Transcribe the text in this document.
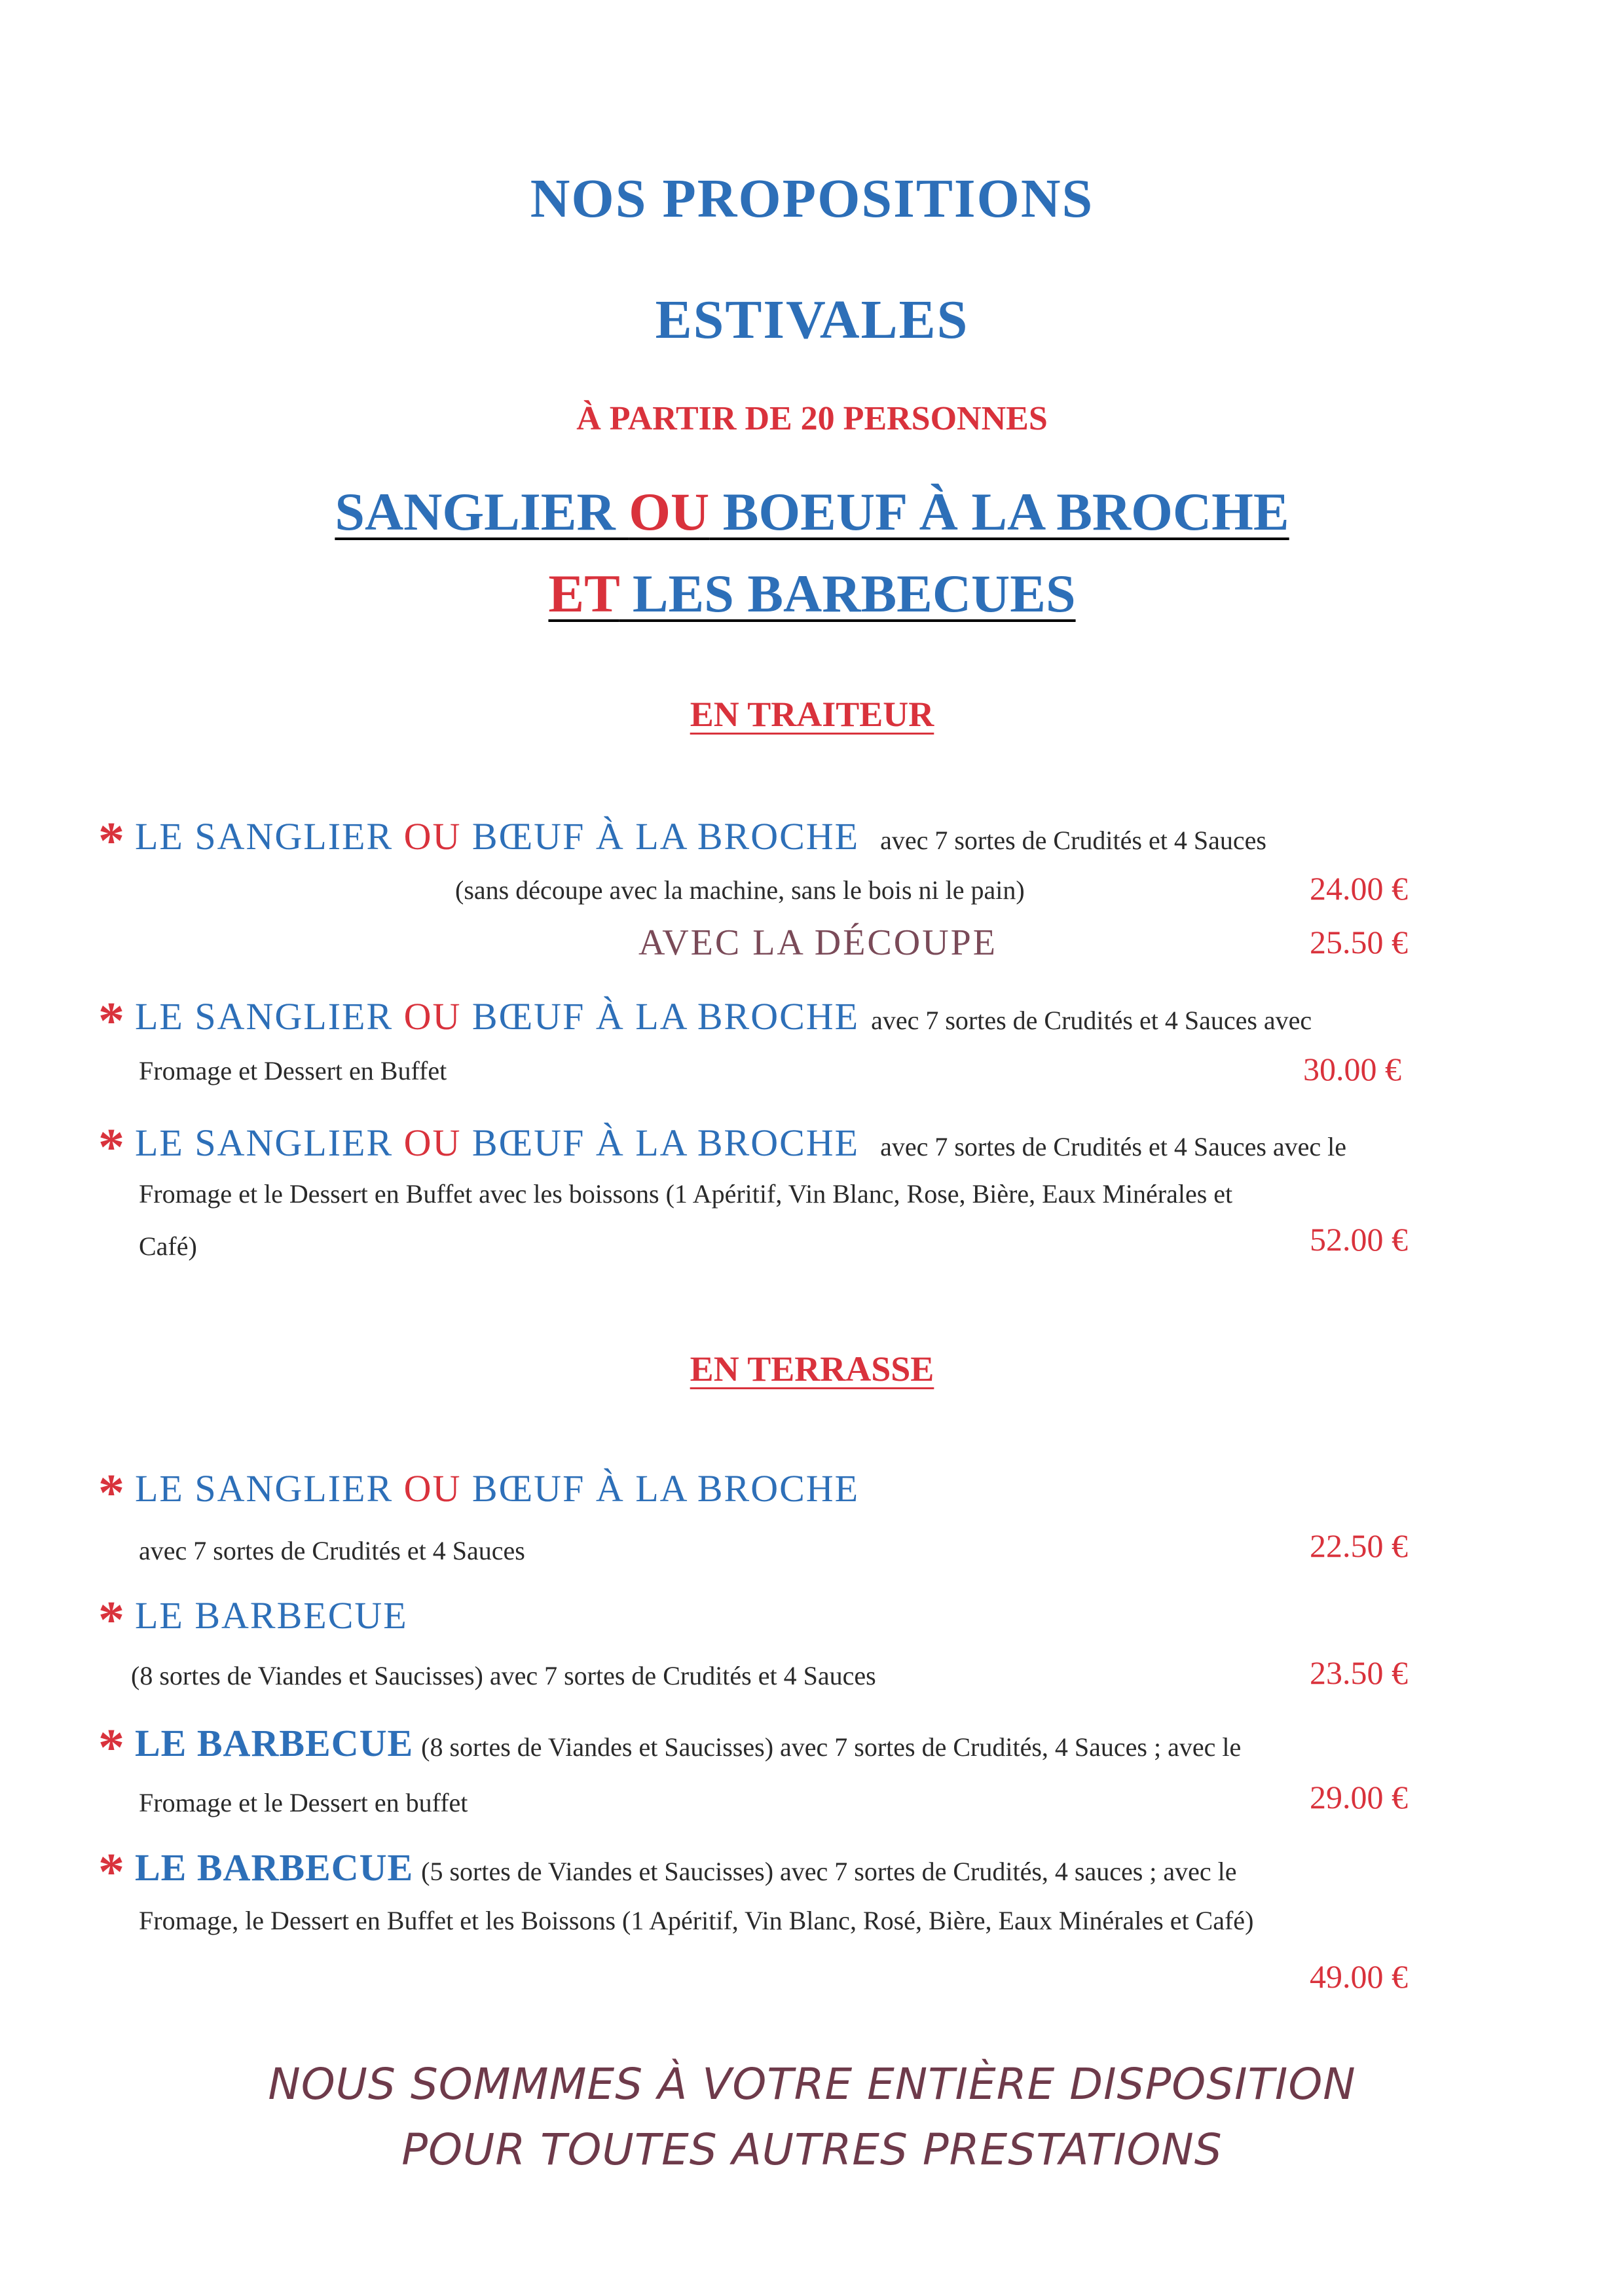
NOS PROPOSITIONS
ESTIVALES
À PARTIR DE 20 PERSONNES
SANGLIER OU BOEUF À LA BROCHE
ET LES BARBECUES
EN TRAITEUR
* LE SANGLIER OU BŒUF À LA BROCHE avec 7 sortes de Crudités et 4 Sauces
(sans découpe avec la machine, sans le bois ni le pain)	24.00 €
AVEC LA DÉCOUPE	25.50 €
* LE SANGLIER OU BŒUF À LA BROCHE avec 7 sortes de Crudités et 4 Sauces avec
Fromage et Dessert en Buffet	30.00 €
* LE SANGLIER OU BŒUF À LA BROCHE avec 7 sortes de Crudités et 4 Sauces avec le
Fromage et le Dessert en Buffet avec les boissons (1 Apéritif, Vin Blanc, Rose, Bière, Eaux Minérales et
Café)	52.00 €
EN TERRASSE
* LE SANGLIER OU BŒUF À LA BROCHE
avec 7 sortes de Crudités et 4 Sauces	22.50 €
* LE BARBECUE
(8 sortes de Viandes et Saucisses) avec 7 sortes de Crudités et 4 Sauces	23.50 €
* LE BARBECUE (8 sortes de Viandes et Saucisses) avec 7 sortes de Crudités, 4 Sauces ; avec le
Fromage et le Dessert en buffet	29.00 €
* LE BARBECUE (5 sortes de Viandes et Saucisses) avec 7 sortes de Crudités, 4 sauces ; avec le
Fromage, le Dessert en Buffet et les Boissons (1 Apéritif, Vin Blanc, Rosé, Bière, Eaux Minérales et Café)
49.00 €
NOUS SOMMMES À VOTRE ENTIÈRE DISPOSITION
POUR TOUTES AUTRES PRESTATIONS
